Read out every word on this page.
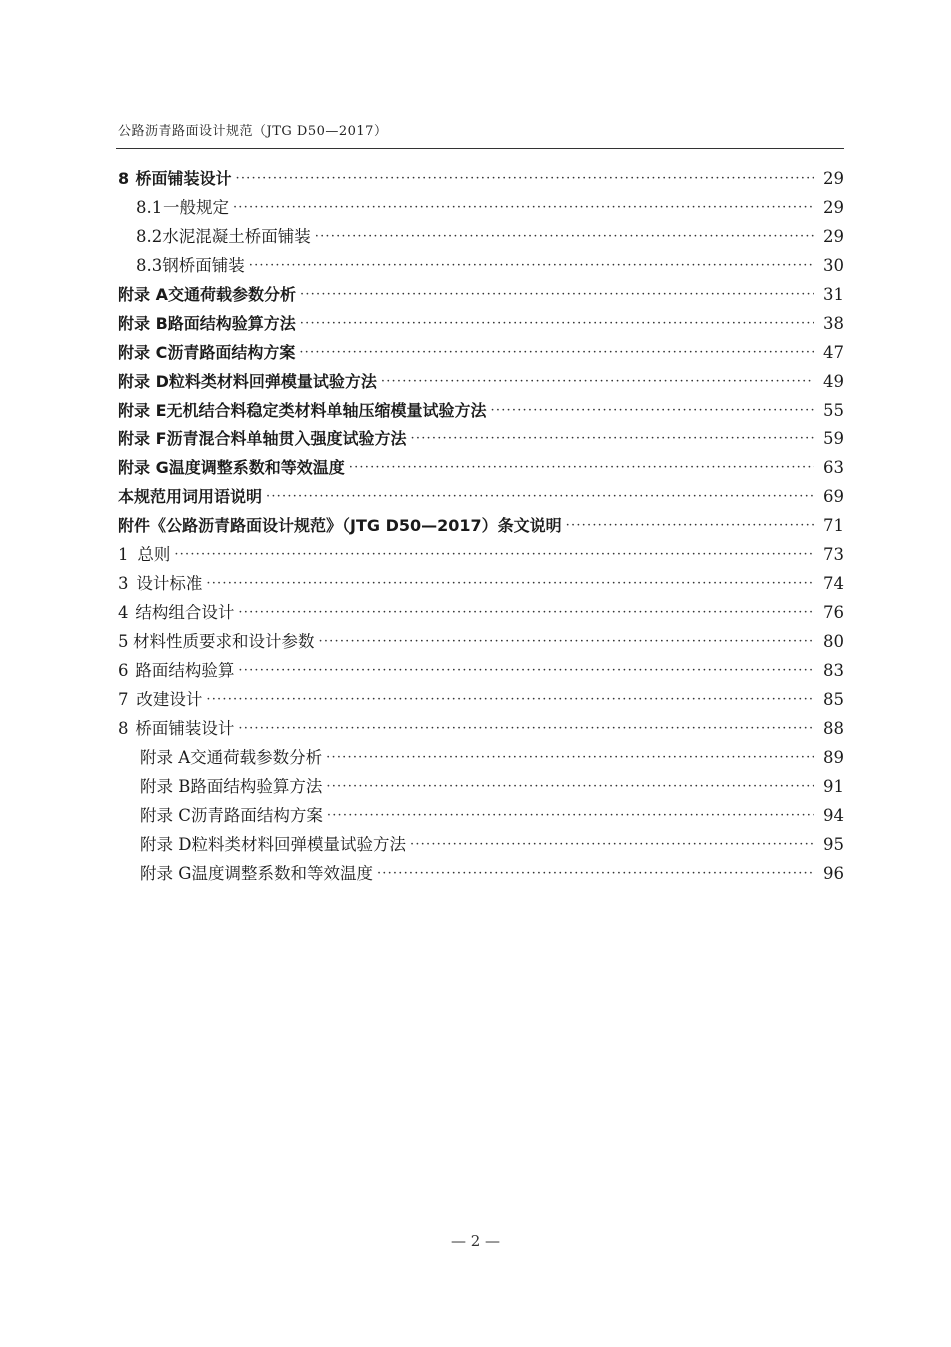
公路沥青路面设计规范（JTG D50—2017）
8 桥面铺装设计 ·····	29
8.1 一般规定 ·····	29
8.2 水泥混凝土桥面铺装 ·····	29
8.3 钢桥面铺装 ·····	30
附录 A 交通荷载参数分析 ·····	31
附录 B 路面结构验算方法 ·····	38
附录 C 沥青路面结构方案 ·····	47
附录 D 粒料类材料回弹模量试验方法 ·····	49
附录 E 无机结合料稳定类材料单轴压缩模量试验方法 ·····	55
附录 F 沥青混合料单轴贯入强度试验方法 ·····	59
附录 G 温度调整系数和等效温度 ·····	63
本规范用词用语说明 ·····	69
附件 《公路沥青路面设计规范》（JTG D50—2017）条文说明 ·····	71
1 总则 ·····	73
3 设计标准 ·····	74
4 结构组合设计 ·····	76
5 材料性质要求和设计参数 ·····	80
6 路面结构验算 ·····	83
7 改建设计 ·····	85
8 桥面铺装设计 ·····	88
附录 A 交通荷载参数分析 ·····	89
附录 B 路面结构验算方法 ·····	91
附录 C 沥青路面结构方案 ·····	94
附录 D 粒料类材料回弹模量试验方法 ·····	95
附录 G 温度调整系数和等效温度 ·····	96
— 2 —
